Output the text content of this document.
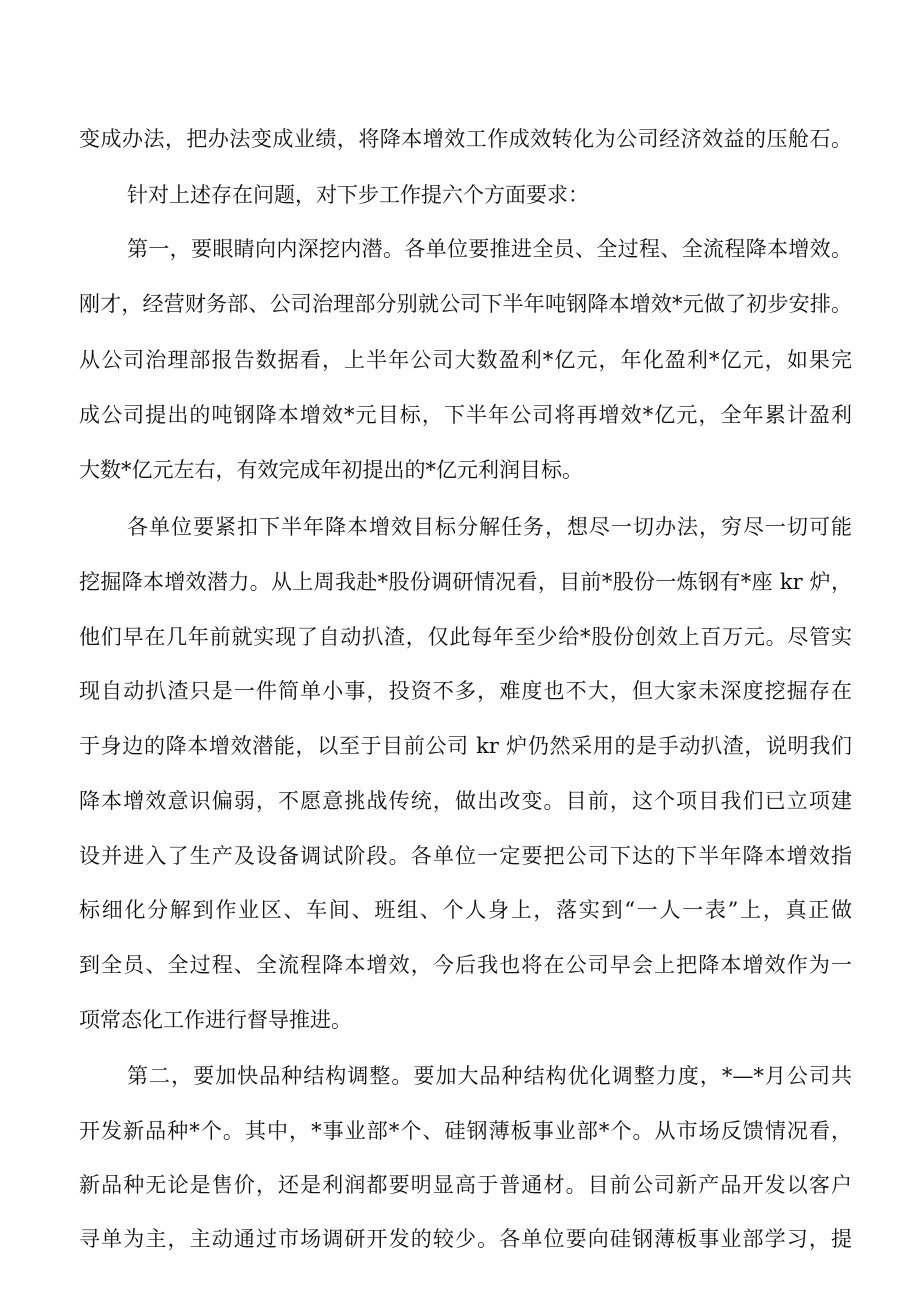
变成办法，把办法变成业绩，将降本增效工作成效转化为公司经济效益的压舱石。
针对上述存在问题，对下步工作提六个方面要求：
第一，要眼睛向内深挖内潜。各单位要推进全员、全过程、全流程降本增效。
刚才，经营财务部、公司治理部分别就公司下半年吨钢降本增效*元做了初步安排。
从公司治理部报告数据看，上半年公司大数盈利*亿元，年化盈利*亿元，如果完
成公司提出的吨钢降本增效*元目标，下半年公司将再增效*亿元，全年累计盈利
大数*亿元左右，有效完成年初提出的*亿元利润目标。
各单位要紧扣下半年降本增效目标分解任务，想尽一切办法，穷尽一切可能
挖掘降本增效潜力。从上周我赴*股份调研情况看，目前*股份一炼钢有*座 kr 炉，
他们早在几年前就实现了自动扒渣，仅此每年至少给*股份创效上百万元。尽管实
现自动扒渣只是一件简单小事，投资不多，难度也不大，但大家未深度挖掘存在
于身边的降本增效潜能，以至于目前公司 kr 炉仍然采用的是手动扒渣，说明我们
降本增效意识偏弱，不愿意挑战传统，做出改变。目前，这个项目我们已立项建
设并进入了生产及设备调试阶段。各单位一定要把公司下达的下半年降本增效指
标细化分解到作业区、车间、班组、个人身上，落实到“一人一表”上，真正做
到全员、全过程、全流程降本增效，今后我也将在公司早会上把降本增效作为一
项常态化工作进行督导推进。
第二，要加快品种结构调整。要加大品种结构优化调整力度，*—*月公司共
开发新品种*个。其中，*事业部*个、硅钢薄板事业部*个。从市场反馈情况看，
新品种无论是售价，还是利润都要明显高于普通材。目前公司新产品开发以客户
寻单为主，主动通过市场调研开发的较少。各单位要向硅钢薄板事业部学习，提
